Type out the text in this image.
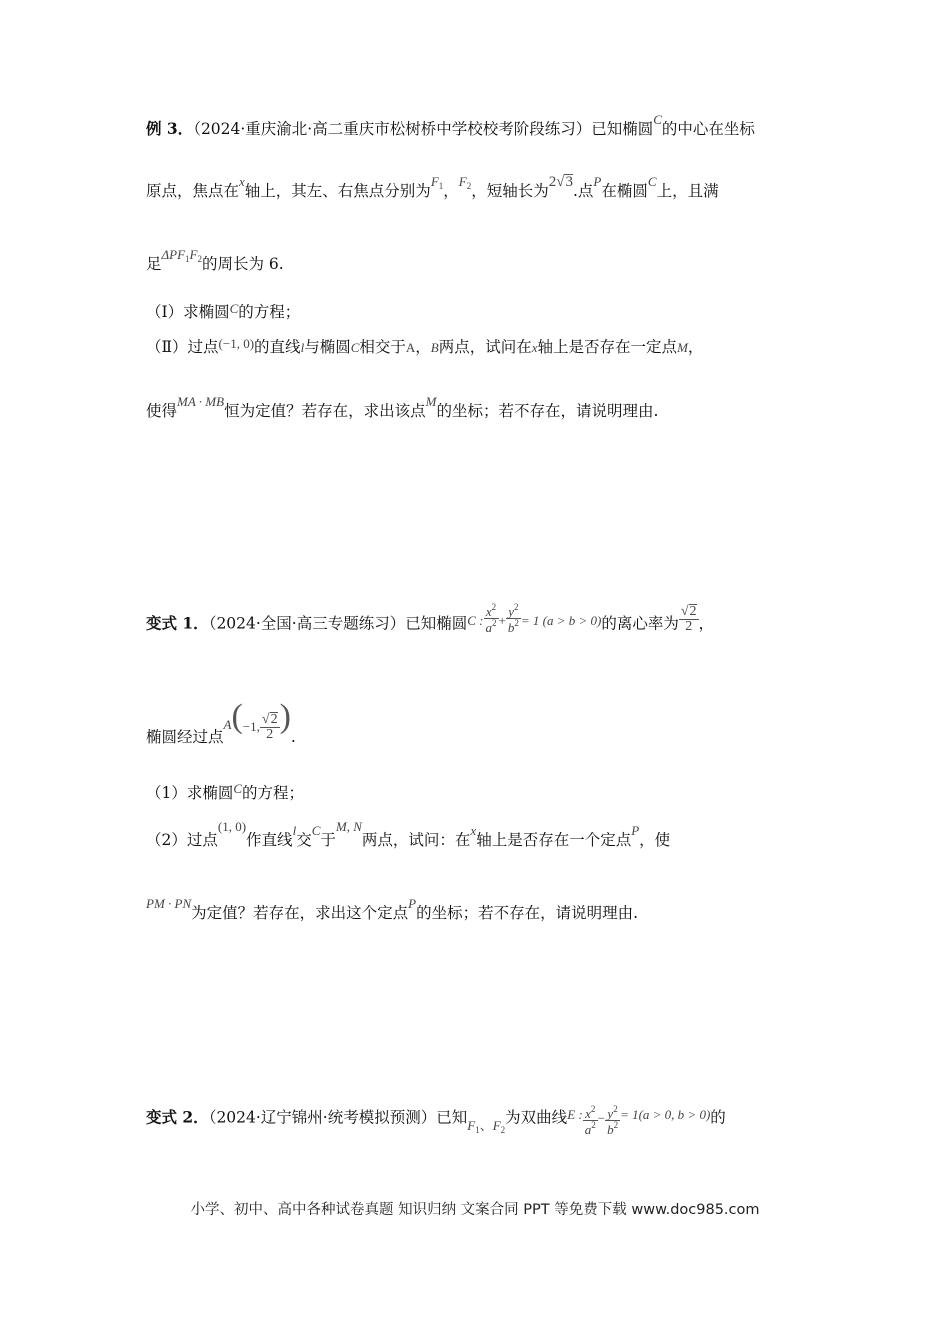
例 3．（2024·重庆渝北·高二重庆市松树桥中学校校考阶段练习）已知椭圆$^C$的中心在坐标
原点，焦点在$^x$轴上，其左、右焦点分别为$^{F_1}$，$^{F_2}$，短轴长为2√3.点$^P$在椭圆$^C$上，且满
足$^{\Delta PF_1F_2}$的周长为 6.
（I）求椭圆$^C$的方程；
（Ⅱ）过点$^{(-1, 0)}$的直线l与椭圆C相交于A，B两点，试问在x轴上是否存在一定点M，
使得$^{MA \cdot MB}$恒为定值？若存在，求出该点$^M$的坐标；若不存在，请说明理由.
变式 1．（2024·全国·高三专题练习）已知椭圆$^{C :} \frac{x^2}{a^2} ^+ \frac{y^2}{b^2} ^{= 1 (a > b > 0)}$的离心率为 $\frac{√2}{2}$ ，
椭圆经过点$_A(_{-1,} \frac{√2}{2}$ ).
（1）求椭圆$^C$的方程；
（2）过点$^{(1, 0)}$作直线$^l$交$^C$于$^{M, N}$两点，试问：在$^x$轴上是否存在一个定点$^P$，使
$^{PM \cdot PN}$为定值？若存在，求出这个定点$^P$的坐标；若不存在，请说明理由.
变式 2．（2024·辽宁锦州·统考模拟预测）已知$_{F_1、F_2}$为双曲线$^{E :} \frac{x^2}{a^2} - \frac{y^2}{b^2} ^{= 1(a > 0, b > 0)}$的
小学、初中、高中各种试卷真题 知识归纳 文案合同 PPT 等免费下载 www.doc985.com
